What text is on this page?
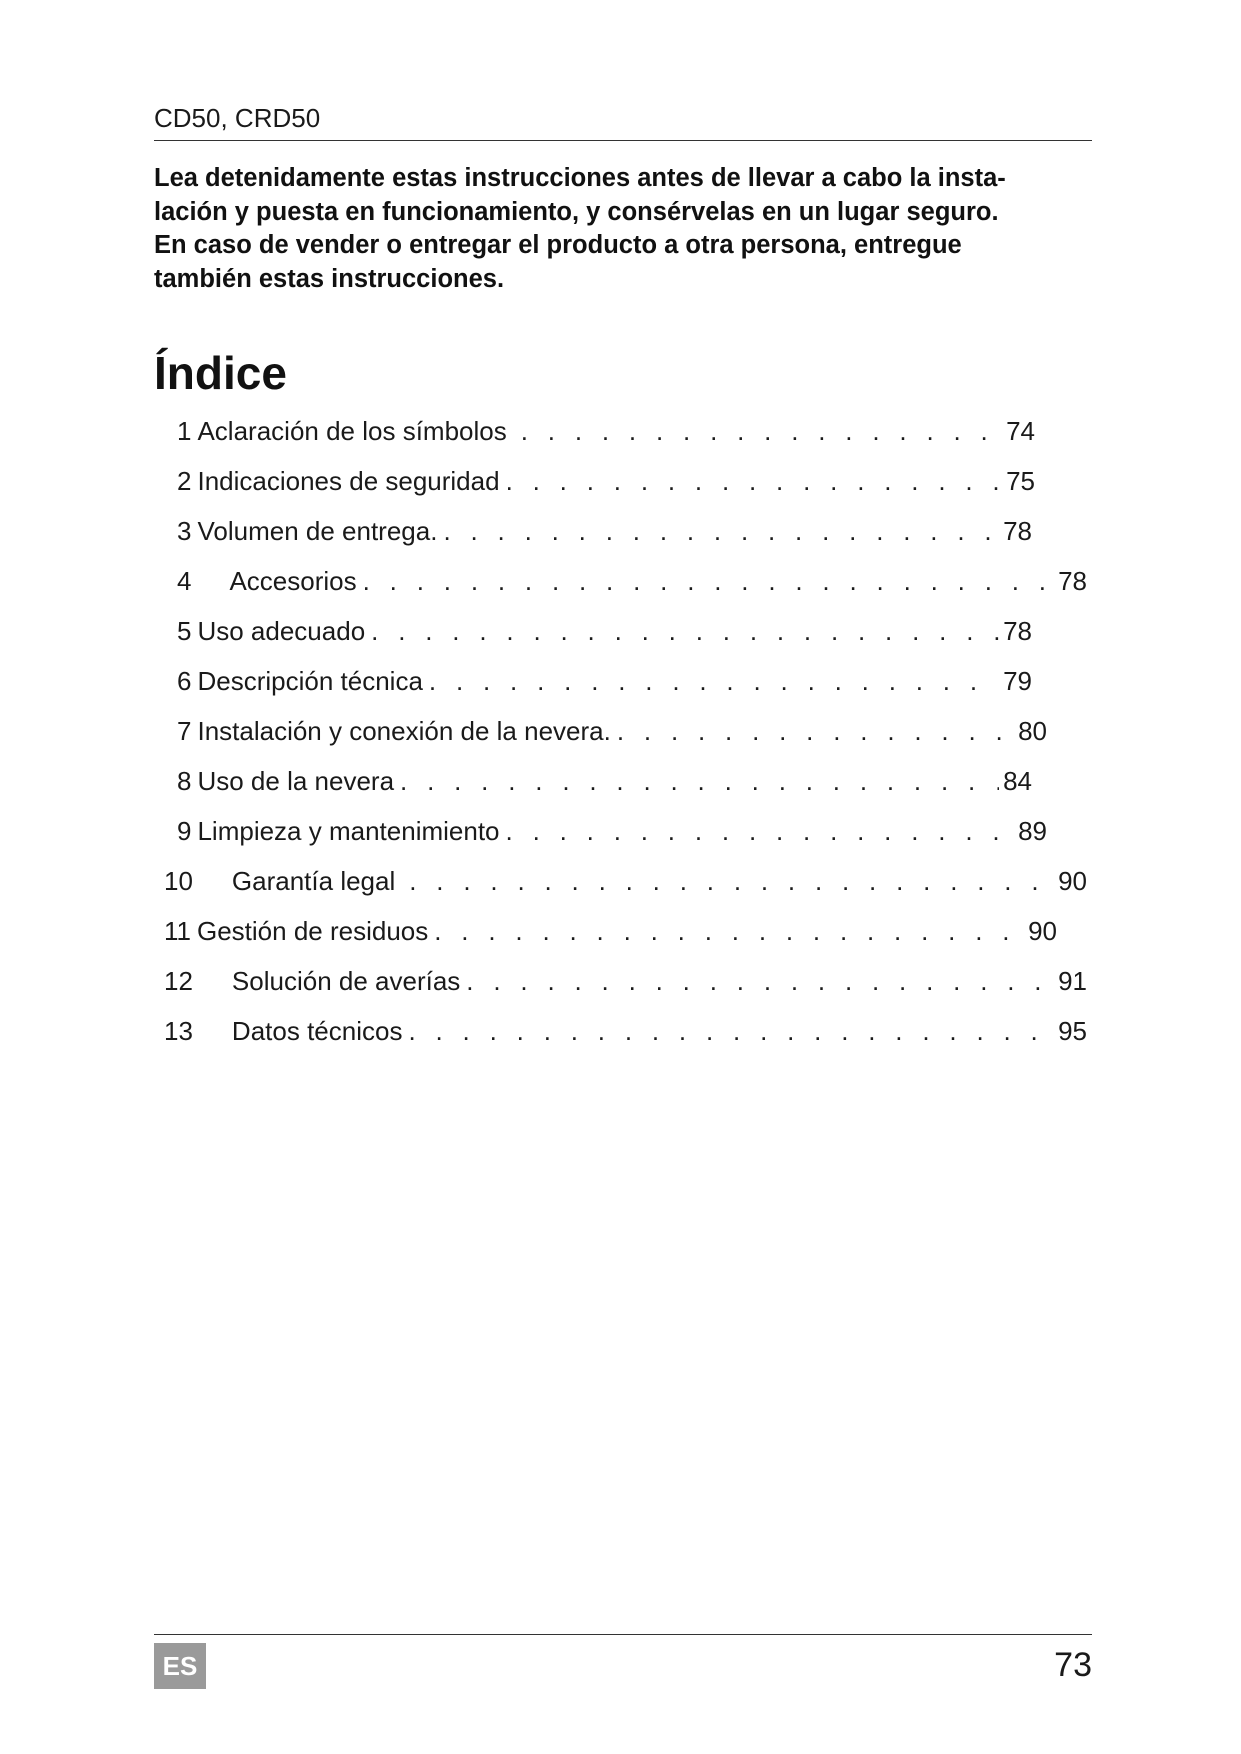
CD50, CRD50

Lea detenidamente estas instrucciones antes de llevar a cabo la insta-
lación y puesta en funcionamiento, y consérvelas en un lugar seguro.
En caso de vender o entregar el producto a otra persona, entregue
también estas instrucciones.

Índice
1 Aclaración de los símbolos . . .	74
2 Indicaciones de seguridad . . .	75
3 Volumen de entrega. . . .	78
4 Accesorios . . .	78
5 Uso adecuado . . .	78
6 Descripción técnica . . .	79
7 Instalación y conexión de la nevera. . . .	80
8 Uso de la nevera . . .	84
9 Limpieza y mantenimiento . . .	89
10 Garantía legal . . .	90
11 Gestión de residuos . . .	90
12 Solución de averías . . .	91
13 Datos técnicos . . .	95
ES	73
